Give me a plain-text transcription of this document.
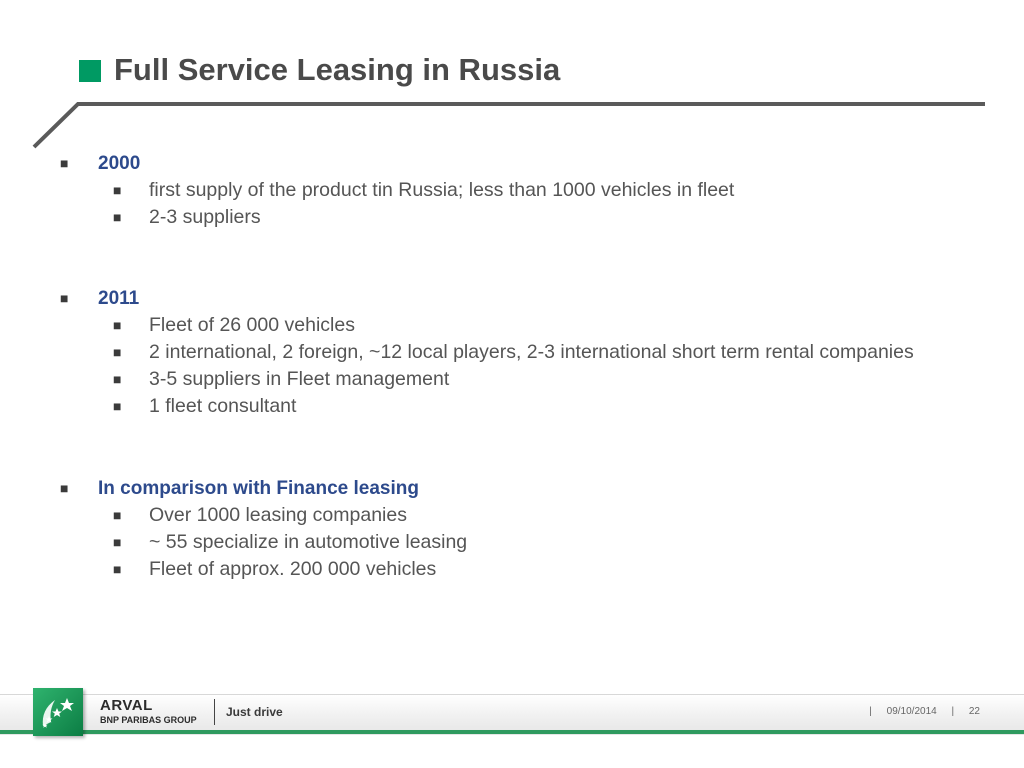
Full Service Leasing in Russia
■ 2000
■ first supply of the product tin Russia; less than 1000 vehicles in fleet
■ 2-3 suppliers
■ 2011
■ Fleet of 26 000 vehicles
■ 2 international, 2 foreign, ~12 local players, 2-3 international short term rental companies
■ 3-5 suppliers in Fleet management
■ 1 fleet consultant
■ In comparison with Finance leasing
■ Over 1000 leasing companies
■ ~ 55 specialize in automotive leasing
■ Fleet of approx. 200 000 vehicles
ARVAL
BNP PARIBAS GROUP
Just drive	| 09/10/2014 | 22
